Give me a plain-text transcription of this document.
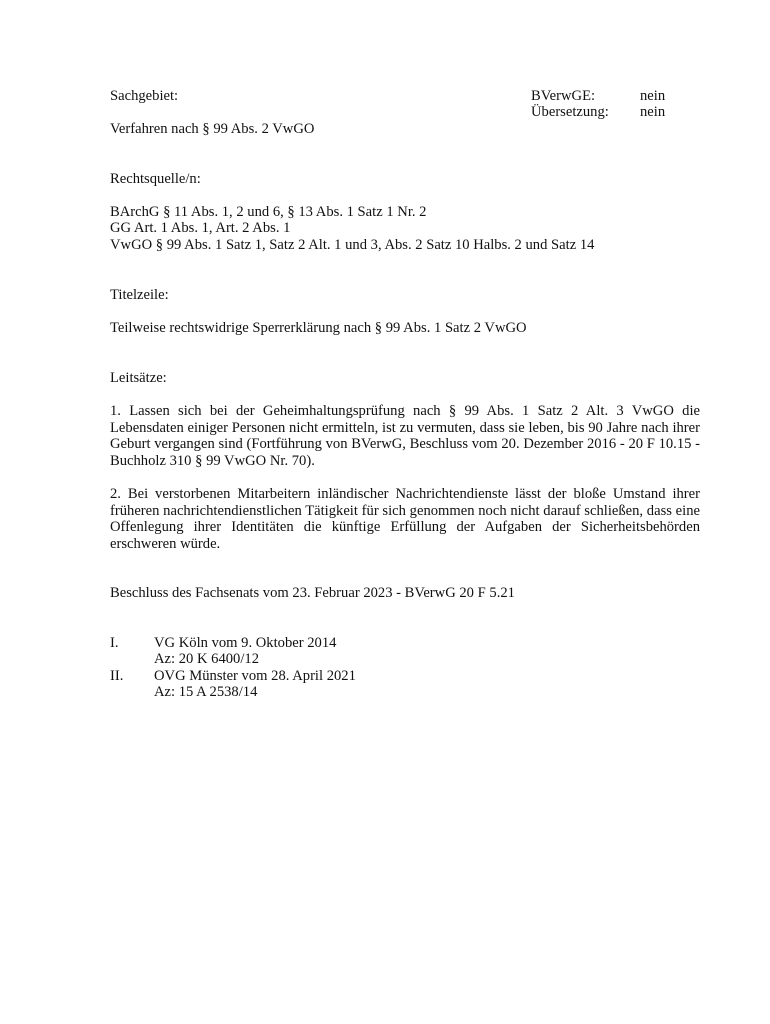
Sachgebiet:	BVerwGE:	nein
Übersetzung: nein
Verfahren nach § 99 Abs. 2 VwGO
Rechtsquelle/n:
BArchG § 11 Abs. 1, 2 und 6, § 13 Abs. 1 Satz 1 Nr. 2
GG Art. 1 Abs. 1, Art. 2 Abs. 1
VwGO § 99 Abs. 1 Satz 1, Satz 2 Alt. 1 und 3, Abs. 2 Satz 10 Halbs. 2 und Satz 14
Titelzeile:
Teilweise rechtswidrige Sperrerklärung nach § 99 Abs. 1 Satz 2 VwGO
Leitsätze:

1. Lassen sich bei der Geheimhaltungsprüfung nach § 99 Abs. 1 Satz 2 Alt. 3 VwGO die Lebensdaten einiger Personen nicht ermitteln, ist zu vermuten, dass sie leben, bis 90 Jahre nach ihrer Geburt vergangen sind (Fortführung von BVerwG, Beschluss vom 20. Dezember 2016 - 20 F 10.15 - Buchholz 310 § 99 VwGO Nr. 70).

2. Bei verstorbenen Mitarbeitern inländischer Nachrichtendienste lässt der bloße Umstand ihrer früheren nachrichtendienstlichen Tätigkeit für sich genommen noch nicht darauf schließen, dass eine Offenlegung ihrer Identitäten die künftige Erfüllung der Aufgaben der Sicherheitsbehörden erschweren würde.

Beschluss des Fachsenats vom 23. Februar 2023 - BVerwG 20 F 5.21
I. VG Köln vom 9. Oktober 2014
Az: 20 K 6400/12
II. OVG Münster vom 28. April 2021
Az: 15 A 2538/14
